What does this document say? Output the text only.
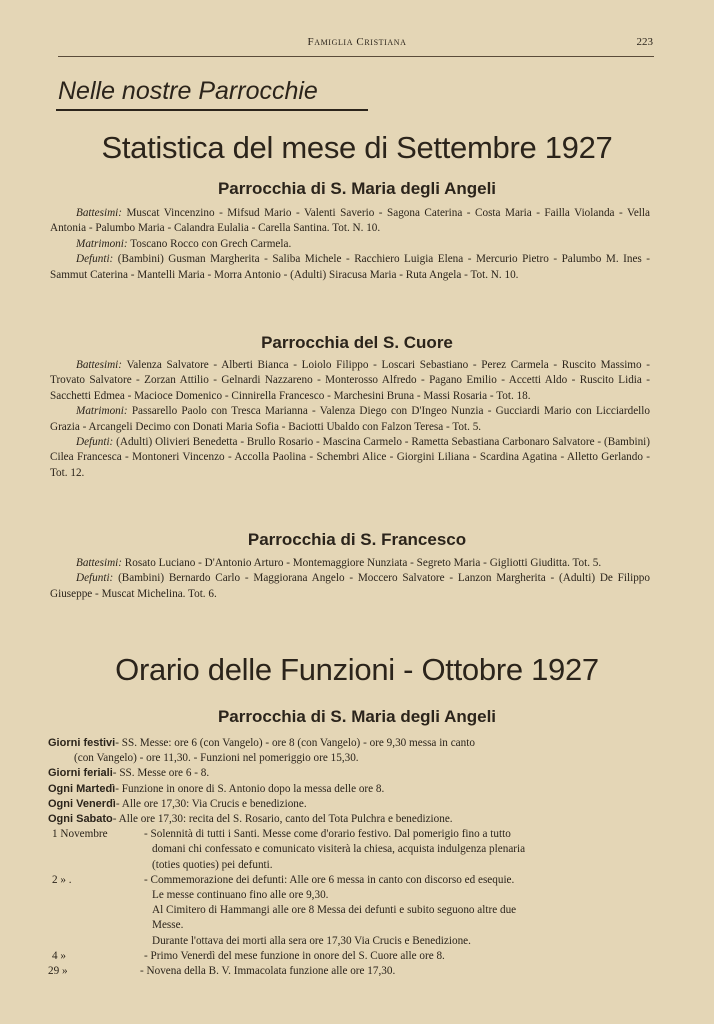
Famiglia Cristiana	223
Nelle nostre Parrocchie
Statistica del mese di Settembre 1927
Parrocchia di S. Maria degli Angeli

Battesimi: Muscat Vincenzino - Mifsud Mario - Valenti Saverio - Sagona Caterina - Costa Maria - Failla Violanda - Vella Antonia - Palumbo Maria - Calandra Eulalia - Carella Santina. Tot. N. 10.

Matrimoni: Toscano Rocco con Grech Carmela.

Defunti: (Bambini) Gusman Margherita - Saliba Michele - Racchiero Luigia Elena - Mercurio Pietro - Palumbo M. Ines - Sammut Caterina - Mantelli Maria - Morra Antonio - (Adulti) Siracusa Maria - Ruta Angela - Tot. N. 10.

Parrocchia del S. Cuore

Battesimi: Valenza Salvatore - Alberti Bianca - Loiolo Filippo - Loscari Sebastiano - Perez Carmela - Ruscito Massimo - Trovato Salvatore - Zorzan Attilio - Gelnardi Nazzareno - Monterosso Alfredo - Pagano Emilio - Accetti Aldo - Ruscito Lidia - Sacchetti Edmea - Macioce Domenico - Cinnirella Francesco - Marchesini Bruna - Massi Rosaria - Tot. 18.

Matrimoni: Passarello Paolo con Tresca Marianna - Valenza Diego con D'Ingeo Nunzia - Gucciardi Mario con Licciardello Grazia - Arcangeli Decimo con Donati Maria Sofia - Baciotti Ubaldo con Falzon Teresa - Tot. 5.

Defunti: (Adulti) Olivieri Benedetta - Brullo Rosario - Mascina Carmelo - Rametta Sebastiana Carbonaro Salvatore - (Bambini) Cilea Francesca - Montoneri Vincenzo - Accolla Paolina - Schembri Alice - Giorgini Liliana - Scardina Agatina - Alletto Gerlando - Tot. 12.

Parrocchia di S. Francesco

Battesimi: Rosato Luciano - D'Antonio Arturo - Montemaggiore Nunziata - Segreto Maria - Gigliotti Giuditta. Tot. 5.

Defunti: (Bambini) Bernardo Carlo - Maggiorana Angelo - Moccero Salvatore - Lanzon Margherita - (Adulti) De Filippo Giuseppe - Muscat Michelina. Tot. 6.

Orario delle Funzioni - Ottobre 1927
Parrocchia di S. Maria degli Angeli
Giorni festivi - SS. Messe: ore 6 (con Vangelo) - ore 8 (con Vangelo) - ore 9,30 messa in canto
(con Vangelo) - ore 11,30. - Funzioni nel pomeriggio ore 15,30.
Giorni feriali - SS. Messe ore 6 - 8.
Ogni Martedì - Funzione in onore di S. Antonio dopo la messa delle ore 8.
Ogni Venerdì - Alle ore 17,30: Via Crucis e benedizione.
Ogni Sabato - Alle ore 17,30: recita del S. Rosario, canto del Tota Pulchra e benedizione.
1 Novembre	- Solennità di tutti i Santi. Messe come d'orario festivo. Dal pomerigio fino a tutto
domani chi confessato e comunicato visiterà la chiesa, acquista indulgenza plenaria
(toties quoties) pei defunti.
2 » .	- Commemorazione dei defunti: Alle ore 6 messa in canto con discorso ed esequie.
Le messe continuano fino alle ore 9,30.
Al Cimitero di Hammangi alle ore 8 Messa dei defunti e subito seguono altre due
Messe.
Durante l'ottava dei morti alla sera ore 17,30 Via Crucis e Benedizione.
4 »	- Primo Venerdì del mese funzione in onore del S. Cuore alle ore 8.
29 »	- Novena della B. V. Immacolata funzione alle ore 17,30.
